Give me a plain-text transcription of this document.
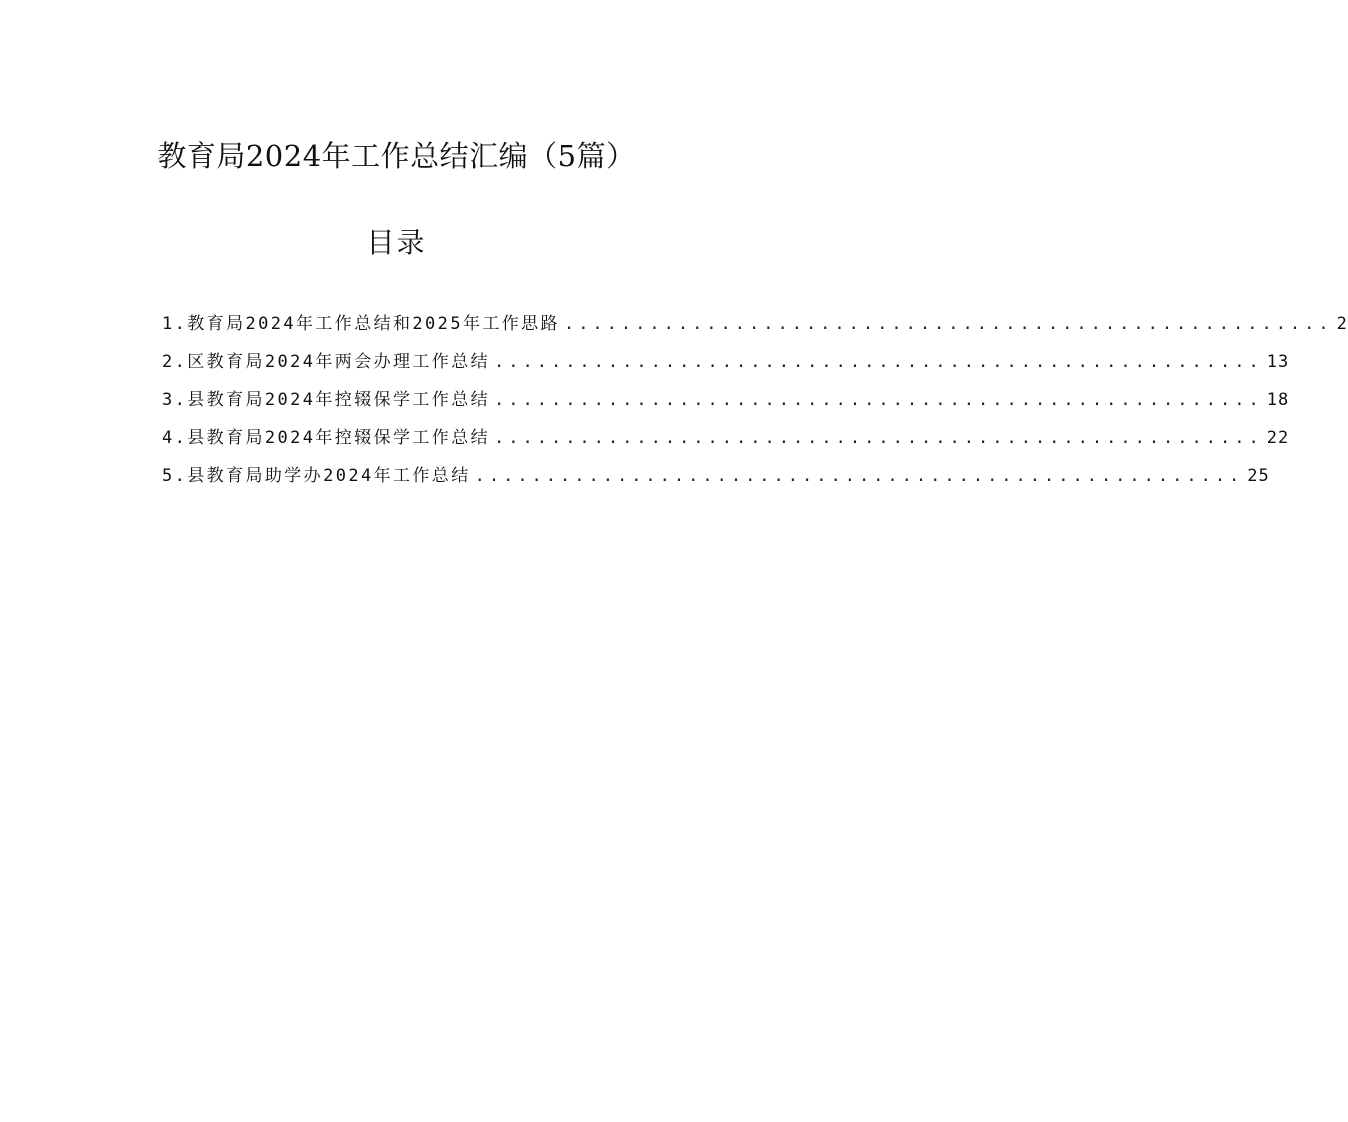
教育局2024年工作总结汇编（5篇）
目录
1.教育局2024年工作总结和2025年工作思路 ...................................................... 2
2.区教育局2024年两会办理工作总结 ...................................................... 13
3.县教育局2024年控辍保学工作总结 ...................................................... 18
4.县教育局2024年控辍保学工作总结 ...................................................... 22
5.县教育局助学办2024年工作总结 ...................................................... 25
